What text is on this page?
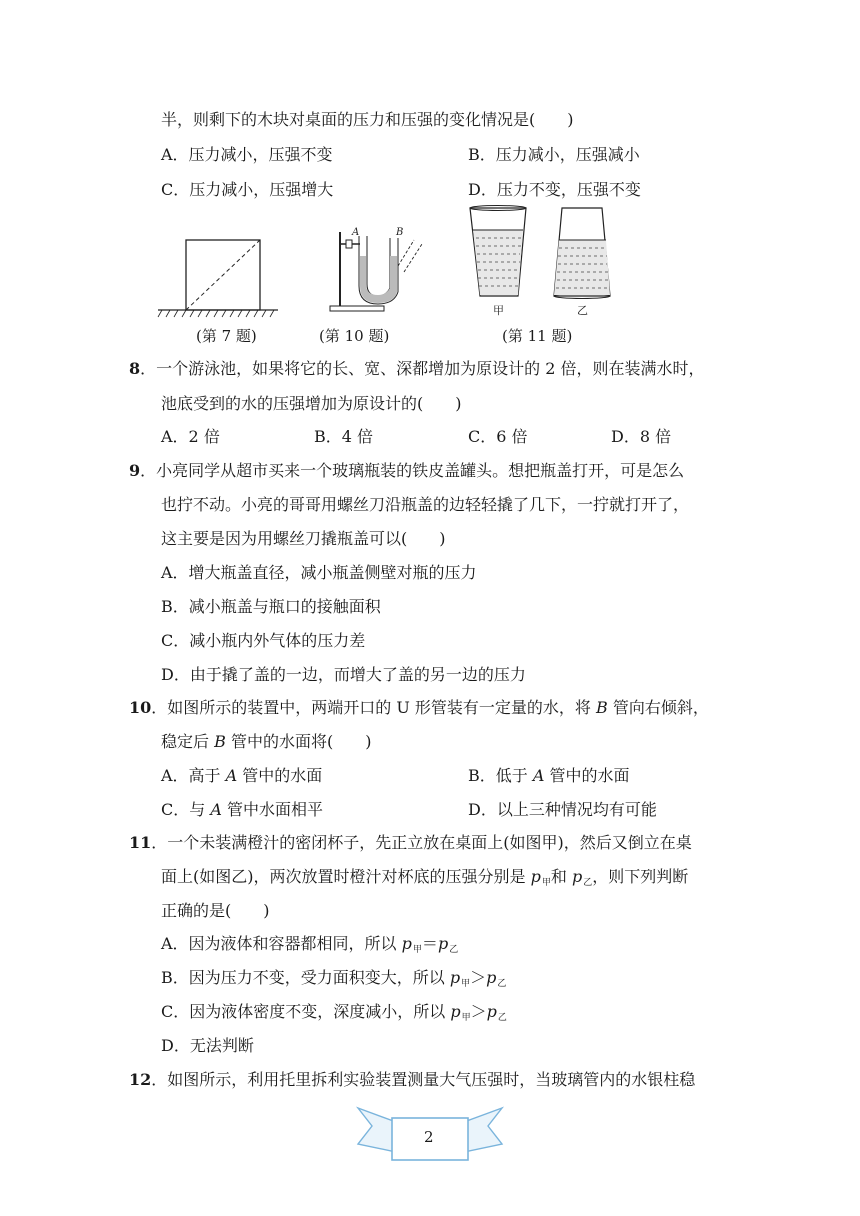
半，则剩下的木块对桌面的压力和压强的变化情况是(　　)
A．压力减小，压强不变	B．压力减小，压强减小
C．压力减小，压强增大	D．压力不变，压强不变
(第 7 题)
A	B
(第 10 题)
甲	乙
(第 11 题)
8．一个游泳池，如果将它的长、宽、深都增加为原设计的 2 倍，则在装满水时，
池底受到的水的压强增加为原设计的(　　)
A．2 倍	B．4 倍	C．6 倍	D．8 倍
9．小亮同学从超市买来一个玻璃瓶装的铁皮盖罐头。想把瓶盖打开，可是怎么
也拧不动。小亮的哥哥用螺丝刀沿瓶盖的边轻轻撬了几下，一拧就打开了，
这主要是因为用螺丝刀撬瓶盖可以(　　)
A．增大瓶盖直径，减小瓶盖侧壁对瓶的压力
B．减小瓶盖与瓶口的接触面积
C．减小瓶内外气体的压力差
D．由于撬了盖的一边，而增大了盖的另一边的压力
10．如图所示的装置中，两端开口的 U 形管装有一定量的水，将 B 管向右倾斜，
稳定后 B 管中的水面将(　　)
A．高于 A 管中的水面	B．低于 A 管中的水面
C．与 A 管中水面相平	D．以上三种情况均有可能
11．一个未装满橙汁的密闭杯子，先正立放在桌面上(如图甲)，然后又倒立在桌
面上(如图乙)，两次放置时橙汁对杯底的压强分别是 $p_甲$和 $p_乙$，则下列判断
正确的是(　　)
A．因为液体和容器都相同，所以 $p_甲=p_乙$
B．因为压力不变，受力面积变大，所以 $p_甲>p_乙$
C．因为液体密度不变，深度减小，所以 $p_甲>p_乙$
D．无法判断
12．如图所示，利用托里拆利实验装置测量大气压强时，当玻璃管内的水银柱稳
2
